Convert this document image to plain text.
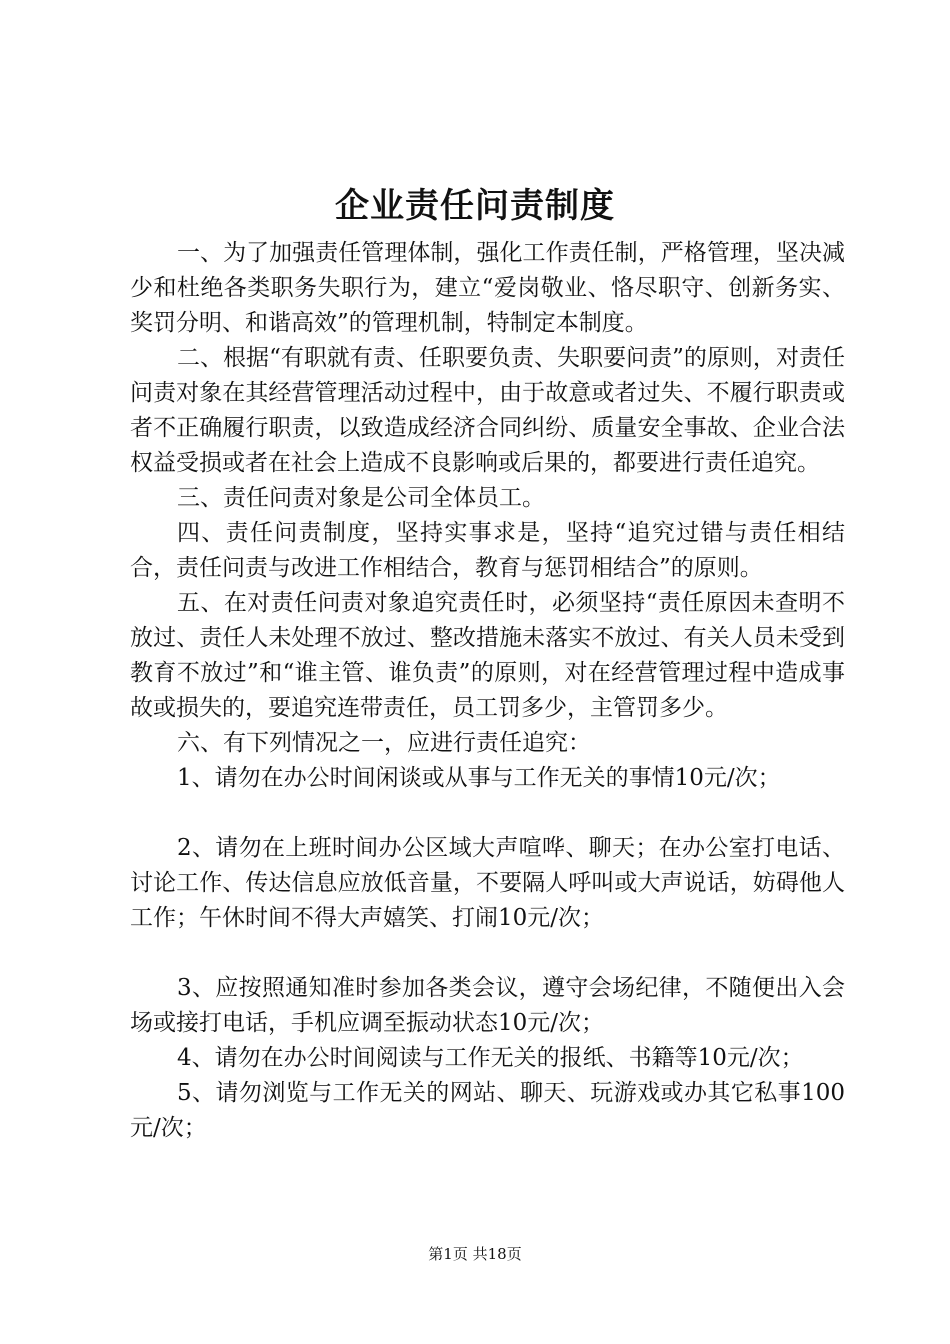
企业责任问责制度

一、为了加强责任管理体制，强化工作责任制，严格管理，坚决减少和杜绝各类职务失职行为，建立“爱岗敬业、恪尽职守、创新务实、奖罚分明、和谐高效”的管理机制，特制定本制度。

二、根据“有职就有责、任职要负责、失职要问责”的原则，对责任问责对象在其经营管理活动过程中，由于故意或者过失、不履行职责或者不正确履行职责，以致造成经济合同纠纷、质量安全事故、企业合法权益受损或者在社会上造成不良影响或后果的，都要进行责任追究。

三、责任问责对象是公司全体员工。

四、责任问责制度，坚持实事求是，坚持“追究过错与责任相结合，责任问责与改进工作相结合，教育与惩罚相结合”的原则。

五、在对责任问责对象追究责任时，必须坚持“责任原因未查明不放过、责任人未处理不放过、整改措施未落实不放过、有关人员未受到教育不放过”和“谁主管、谁负责”的原则，对在经营管理过程中造成事故或损失的，要追究连带责任，员工罚多少，主管罚多少。

六、有下列情况之一，应进行责任追究：

1、请勿在办公时间闲谈或从事与工作无关的事情10元/次；

2、请勿在上班时间办公区域大声喧哗、聊天；在办公室打电话、讨论工作、传达信息应放低音量，不要隔人呼叫或大声说话，妨碍他人工作；午休时间不得大声嬉笑、打闹10元/次；

3、应按照通知准时参加各类会议，遵守会场纪律，不随便出入会场或接打电话，手机应调至振动状态10元/次；

4、请勿在办公时间阅读与工作无关的报纸、书籍等10元/次；

5、请勿浏览与工作无关的网站、聊天、玩游戏或办其它私事100元/次；

第1页 共18页
